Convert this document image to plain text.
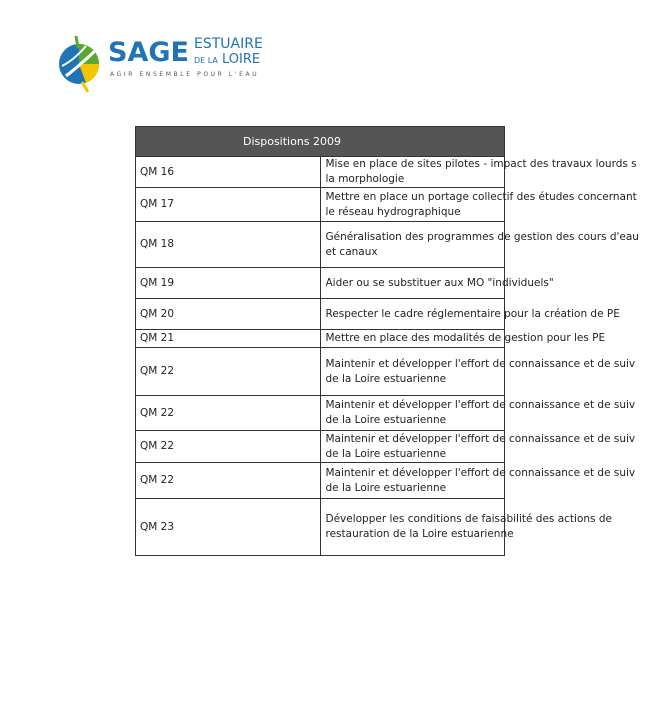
SAGE ESTUAIRE
DE LA LOIRE
AGIR ENSEMBLE POUR L'EAU
Dispositions 2009	
QM 16	Mise en place de sites pilotes - impact des travaux lourds s
la morphologie

QM 17	Mettre en place un portage collectif des études concernant
le réseau hydrographique

QM 18	Généralisation des programmes de gestion des cours d'eau
et canaux

QM 19	Aider ou se substituer aux MO "individuels"

QM 20	Respecter le cadre réglementaire pour la création de PE

QM 21	Mettre en place des modalités de gestion pour les PE

QM 22	Maintenir et développer l'effort de connaissance et de suiv
de la Loire estuarienne

QM 22	Maintenir et développer l'effort de connaissance et de suiv
de la Loire estuarienne

QM 22	Maintenir et développer l'effort de connaissance et de suiv
de la Loire estuarienne

QM 22	Maintenir et développer l'effort de connaissance et de suiv
de la Loire estuarienne

QM 23	Développer les conditions de faisabilité des actions de
restauration de la Loire estuarienne
